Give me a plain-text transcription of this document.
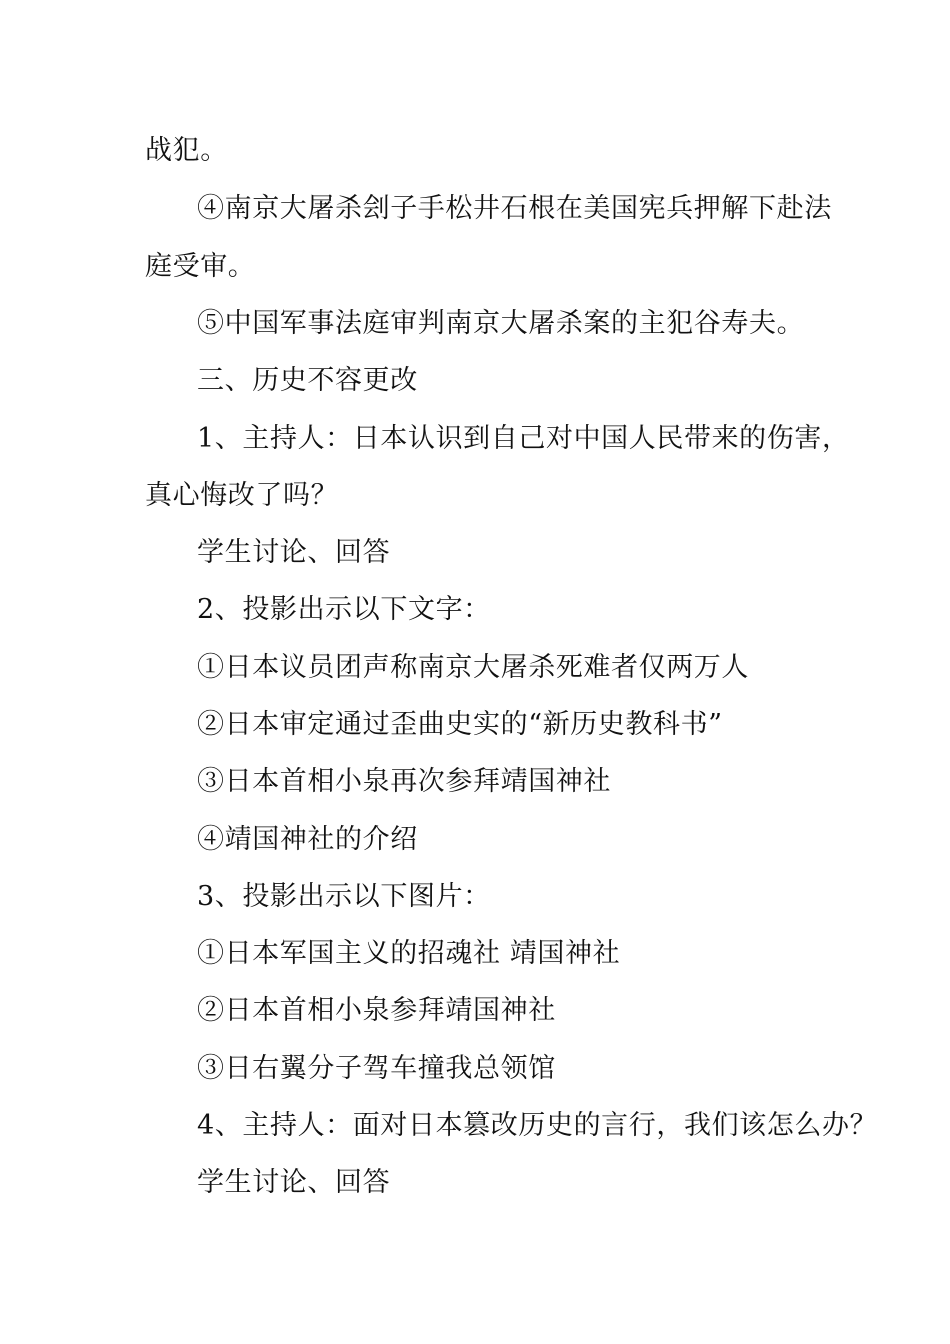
战犯。
④南京大屠杀刽子手松井石根在美国宪兵押解下赴法
庭受审。
⑤中国军事法庭审判南京大屠杀案的主犯谷寿夫。
三、历史不容更改
1、主持人：日本认识到自己对中国人民带来的伤害，
真心悔改了吗？
学生讨论、回答
2、投影出示以下文字：
①日本议员团声称南京大屠杀死难者仅两万人
②日本审定通过歪曲史实的“新历史教科书”
③日本首相小泉再次参拜靖国神社
④靖国神社的介绍
3、投影出示以下图片：
①日本军国主义的招魂社 靖国神社
②日本首相小泉参拜靖国神社
③日右翼分子驾车撞我总领馆
4、主持人：面对日本篡改历史的言行，我们该怎么办？
学生讨论、回答
